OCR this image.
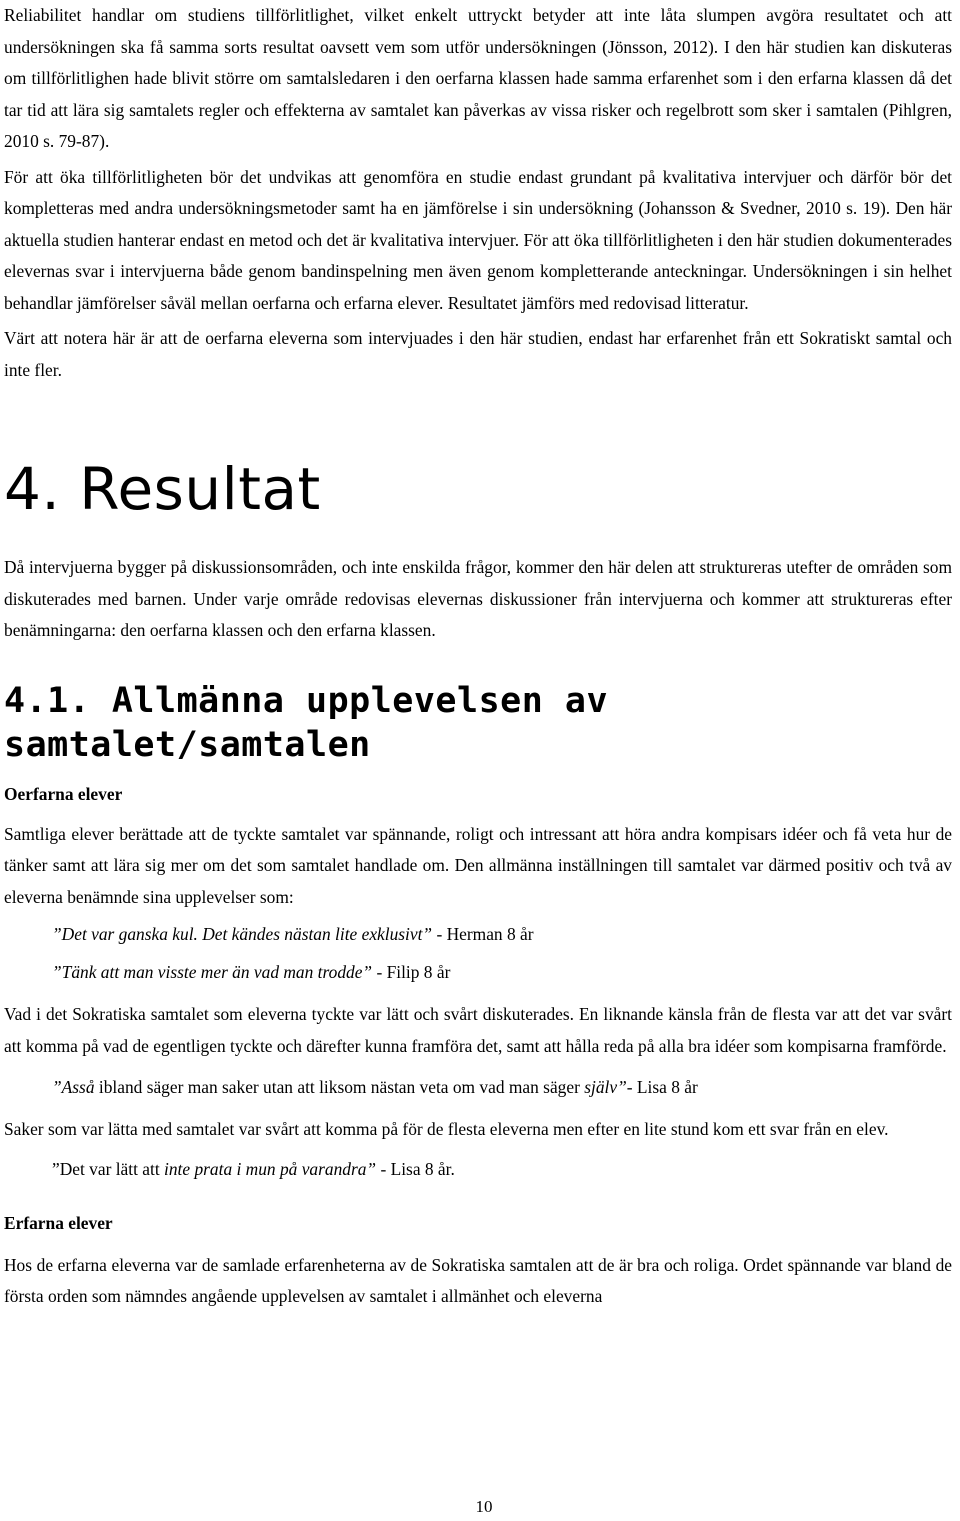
Reliabilitet handlar om studiens tillförlitlighet, vilket enkelt uttryckt betyder att inte låta slumpen avgöra resultatet och att undersökningen ska få samma sorts resultat oavsett vem som utför undersökningen (Jönsson, 2012). I den här studien kan diskuteras om tillförlitlighen hade blivit större om samtalsledaren i den oerfarna klassen hade samma erfarenhet som i den erfarna klassen då det tar tid att lära sig samtalets regler och effekterna av samtalet kan påverkas av vissa risker och regelbrott som sker i samtalen (Pihlgren, 2010 s. 79-87).

För att öka tillförlitligheten bör det undvikas att genomföra en studie endast grundant på kvalitativa intervjuer och därför bör det kompletteras med andra undersökningsmetoder samt ha en jämförelse i sin undersökning (Johansson & Svedner, 2010 s. 19). Den här aktuella studien hanterar endast en metod och det är kvalitativa intervjuer. För att öka tillförlitligheten i den här studien dokumenterades elevernas svar i intervjuerna både genom bandinspelning men även genom kompletterande anteckningar. Undersökningen i sin helhet behandlar jämförelser såväl mellan oerfarna och erfarna elever. Resultatet jämförs med redovisad litteratur.

Värt att notera här är att de oerfarna eleverna som intervjuades i den här studien, endast har erfarenhet från ett Sokratiskt samtal och inte fler.

4. Resultat

Då intervjuerna bygger på diskussionsområden, och inte enskilda frågor, kommer den här delen att struktureras utefter de områden som diskuterades med barnen. Under varje område redovisas elevernas diskussioner från intervjuerna och kommer att struktureras efter benämningarna: den oerfarna klassen och den erfarna klassen.

4.1. Allmänna upplevelsen av samtalet/samtalen
Oerfarna elever

Samtliga elever berättade att de tyckte samtalet var spännande, roligt och intressant att höra andra kompisars idéer och få veta hur de tänker samt att lära sig mer om det som samtalet handlade om. Den allmänna inställningen till samtalet var därmed positiv och två av eleverna benämnde sina upplevelser som:

”Det var ganska kul. Det kändes nästan lite exklusivt” - Herman 8 år

”Tänk att man visste mer än vad man trodde” - Filip 8 år

Vad i det Sokratiska samtalet som eleverna tyckte var lätt och svårt diskuterades. En liknande känsla från de flesta var att det var svårt att komma på vad de egentligen tyckte och därefter kunna framföra det, samt att hålla reda på alla bra idéer som kompisarna framförde.

”Asså ibland säger man saker utan att liksom nästan veta om vad man säger själv”- Lisa 8 år

Saker som var lätta med samtalet var svårt att komma på för de flesta eleverna men efter en lite stund kom ett svar från en elev.

”Det var lätt att inte prata i mun på varandra” - Lisa 8 år.

Erfarna elever

Hos de erfarna eleverna var de samlade erfarenheterna av de Sokratiska samtalen att de är bra och roliga. Ordet spännande var bland de första orden som nämndes angående upplevelsen av samtalet i allmänhet och eleverna

10
